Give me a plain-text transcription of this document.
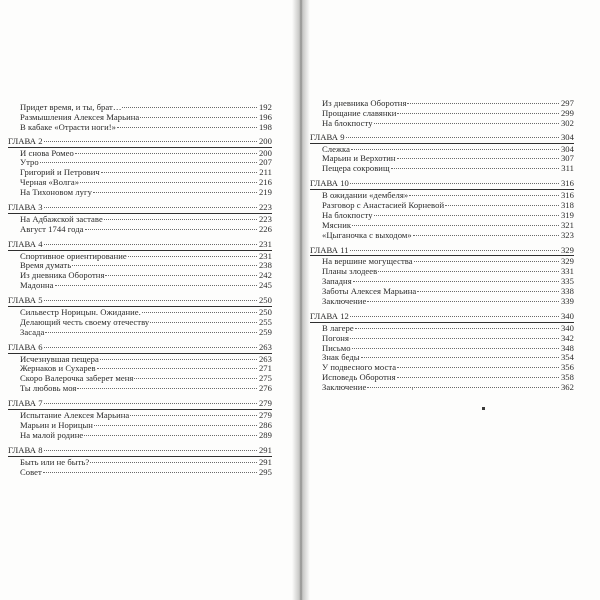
Придет время, и ты, брат…	192
Размышления Алексея Марьина	196
В кабаке «Отрасти ноги!»	198
ГЛАВА 2	200
И снова Ромео	200
Утро	207
Григорий и Петрович	211
Черная «Волга»	216
На Тихоновом лугу	219
ГЛАВА 3	223
На Адбажской заставе	223
Август 1744 года	226
ГЛАВА 4	231
Спортивное ориентирование	231
Время думать	238
Из дневника Оборотня	242
Мадонна	245
ГЛАВА 5	250
Сильвестр Норицын. Ожидание.	250
Делающий честь своему отечеству	255
Засада	259
ГЛАВА 6	263
Исчезнувшая пещера	263
Жернаков и Сухарев	271
Скоро Валерочка заберет меня	275
Ты любовь моя	276
ГЛАВА 7	279
Испытание Алексея Марьина	279
Марьин и Норицын	286
На малой родине	289
ГЛАВА 8	291
Быть или не быть?	291
Совет	295
Из дневника Оборотня	297
Прощание славянки	299
На блокпосту	302
ГЛАВА 9	304
Слежка	304
Марьин и Верхотин	307
Пещера сокровищ	311
ГЛАВА 10	316
В ожидании «дембеля»	316
Разговор с Анастасией Корневой	318
На блокпосту	319
Мясник	321
«Цыганочка с выходом»	323
ГЛАВА 11	329
На вершине могущества	329
Планы злодеев	331
Западня	335
Заботы Алексея Марьина	338
Заключение	339
ГЛАВА 12	340
В лагере	340
Погоня	342
Письмо	348
Знак беды	354
У подвесного моста	356
Исповедь Оборотня	358
Заключение	362
